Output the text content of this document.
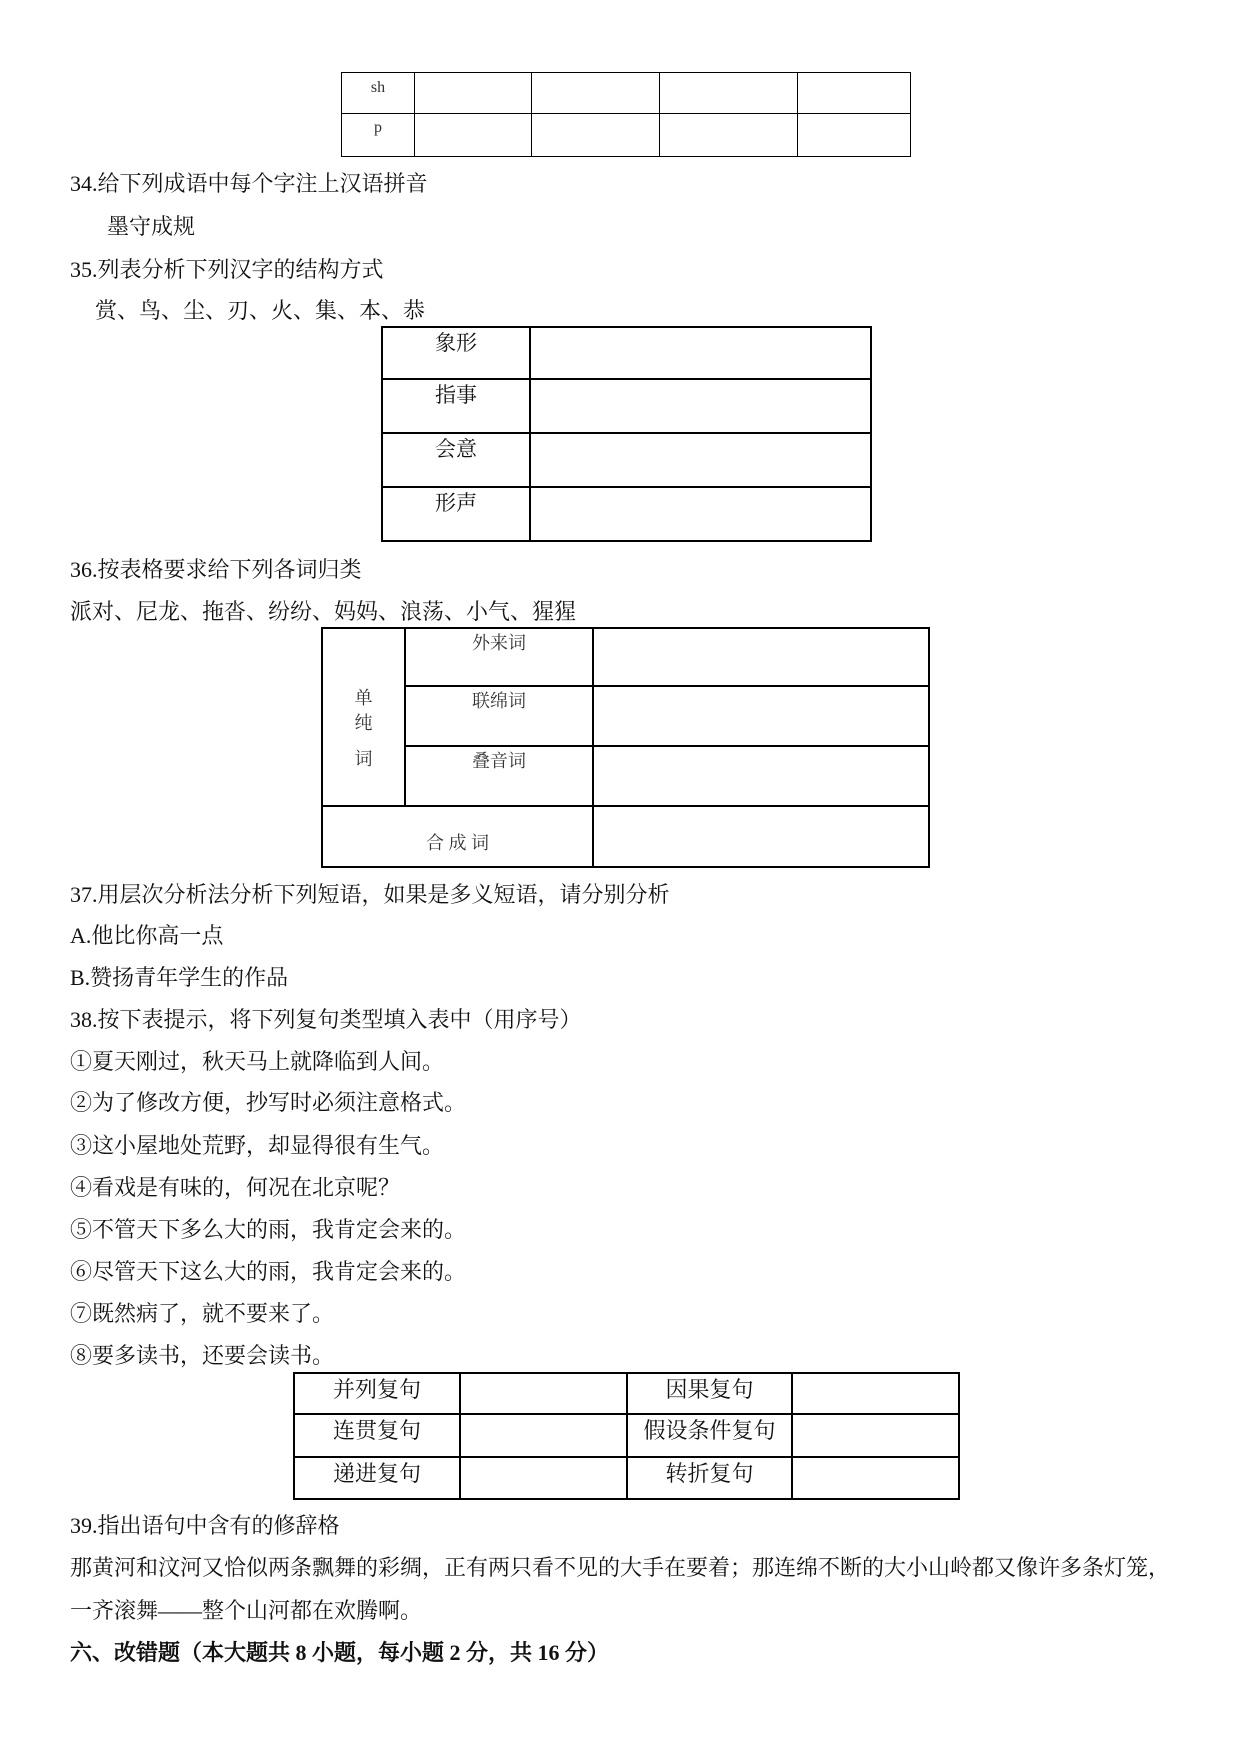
sh				
p				
34.给下列成语中每个字注上汉语拼音
墨守成规
35.列表分析下列汉字的结构方式
赏、鸟、尘、刃、火、集、本、恭
象形	
指事	
会意	
形声	
36.按表格要求给下列各词归类
派对、尼龙、拖沓、纷纷、妈妈、浪荡、小气、猩猩
单
纯
词	外来词	
	联绵词	
	叠音词	
合 成 词		
37.用层次分析法分析下列短语，如果是多义短语，请分别分析
A.他比你高一点
B.赞扬青年学生的作品
38.按下表提示，将下列复句类型填入表中（用序号）
①夏天刚过，秋天马上就降临到人间。
②为了修改方便，抄写时必须注意格式。
③这小屋地处荒野，却显得很有生气。
④看戏是有味的，何况在北京呢？
⑤不管天下多么大的雨，我肯定会来的。
⑥尽管天下这么大的雨，我肯定会来的。
⑦既然病了，就不要来了。
⑧要多读书，还要会读书。
并列复句		因果复句	
连贯复句		假设条件复句	
递进复句		转折复句	
39.指出语句中含有的修辞格
那黄河和汶河又恰似两条飘舞的彩绸，正有两只看不见的大手在要着；那连绵不断的大小山岭都又像许多条灯笼，
一齐滚舞——整个山河都在欢腾啊。
六、改错题（本大题共 8 小题，每小题 2 分，共 16 分）
